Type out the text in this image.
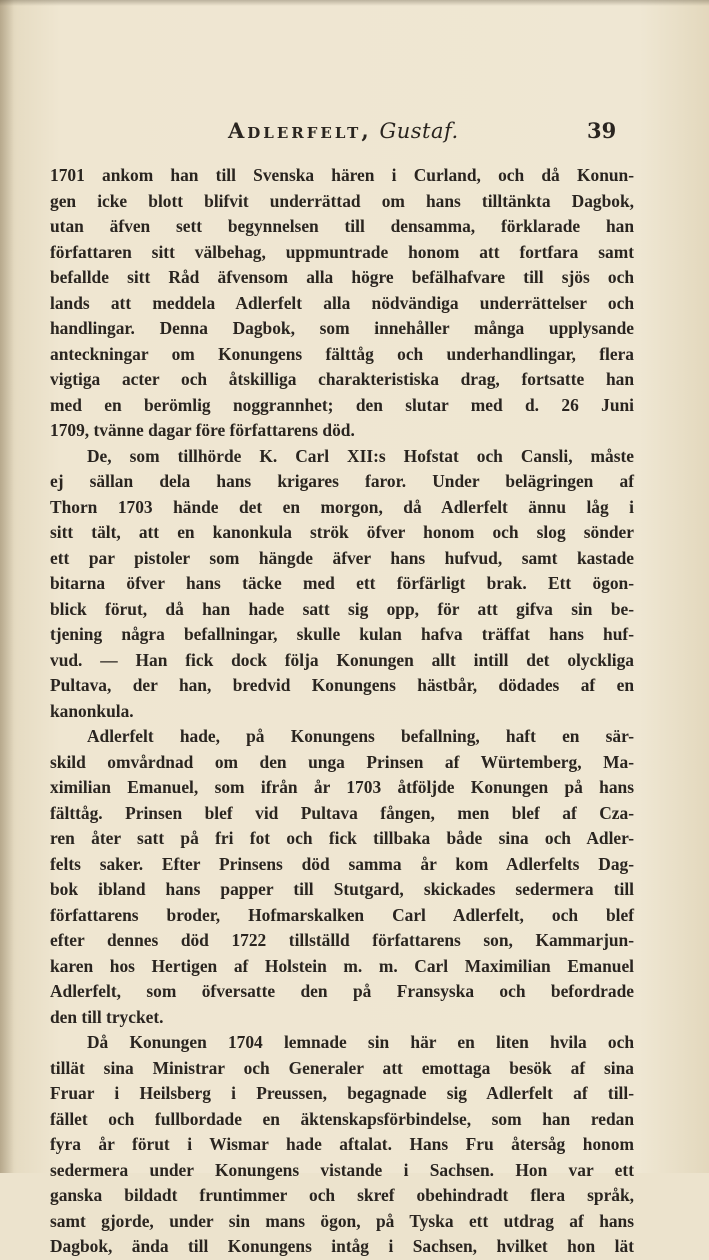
Adlerfelt, Gustaf.	39
1701 ankom han till Svenska hären i Curland, och då Konun-
gen icke blott blifvit underrättad om hans tilltänkta Dagbok,
utan äfven sett begynnelsen till densamma, förklarade han
författaren sitt välbehag, uppmuntrade honom att fortfara samt
befallde sitt Råd äfvensom alla högre befälhafvare till sjös och
lands att meddela Adlerfelt alla nödvändiga underrättelser och
handlingar. Denna Dagbok, som innehåller många upplysande
anteckningar om Konungens fälttåg och underhandlingar, flera
vigtiga acter och åtskilliga charakteristiska drag, fortsatte han
med en berömlig noggrannhet; den slutar med d. 26 Juni
1709, tvänne dagar före författarens död.
De, som tillhörde K. Carl XII:s Hofstat och Cansli, måste
ej sällan dela hans krigares faror. Under belägringen af
Thorn 1703 hände det en morgon, då Adlerfelt ännu låg i
sitt tält, att en kanonkula strök öfver honom och slog sönder
ett par pistoler som hängde äfver hans hufvud, samt kastade
bitarna öfver hans täcke med ett förfärligt brak. Ett ögon-
blick förut, då han hade satt sig opp, för att gifva sin be-
tjening några befallningar, skulle kulan hafva träffat hans huf-
vud. — Han fick dock följa Konungen allt intill det olyckliga
Pultava, der han, bredvid Konungens hästbår, dödades af en
kanonkula.
Adlerfelt hade, på Konungens befallning, haft en sär-
skild omvårdnad om den unga Prinsen af Würtemberg, Ma-
ximilian Emanuel, som ifrån år 1703 åtföljde Konungen på hans
fälttåg. Prinsen blef vid Pultava fången, men blef af Cza-
ren åter satt på fri fot och fick tillbaka både sina och Adler-
felts saker. Efter Prinsens död samma år kom Adlerfelts Dag-
bok ibland hans papper till Stutgard, skickades sedermera till
författarens broder, Hofmarskalken Carl Adlerfelt, och blef
efter dennes död 1722 tillställd författarens son, Kammarjun-
karen hos Hertigen af Holstein m. m. Carl Maximilian Emanuel
Adlerfelt, som öfversatte den på Fransyska och befordrade
den till trycket.
Då Konungen 1704 lemnade sin här en liten hvila och
tillät sina Ministrar och Generaler att emottaga besök af sina
Fruar i Heilsberg i Preussen, begagnade sig Adlerfelt af till-
fället och fullbordade en äktenskapsförbindelse, som han redan
fyra år förut i Wismar hade aftalat. Hans Fru återsåg honom
sedermera under Konungens vistande i Sachsen. Hon var ett
ganska bildadt fruntimmer och skref obehindradt flera språk,
samt gjorde, under sin mans ögon, på Tyska ett utdrag af hans
Dagbok, ända till Konungens intåg i Sachsen, hvilket hon lät
